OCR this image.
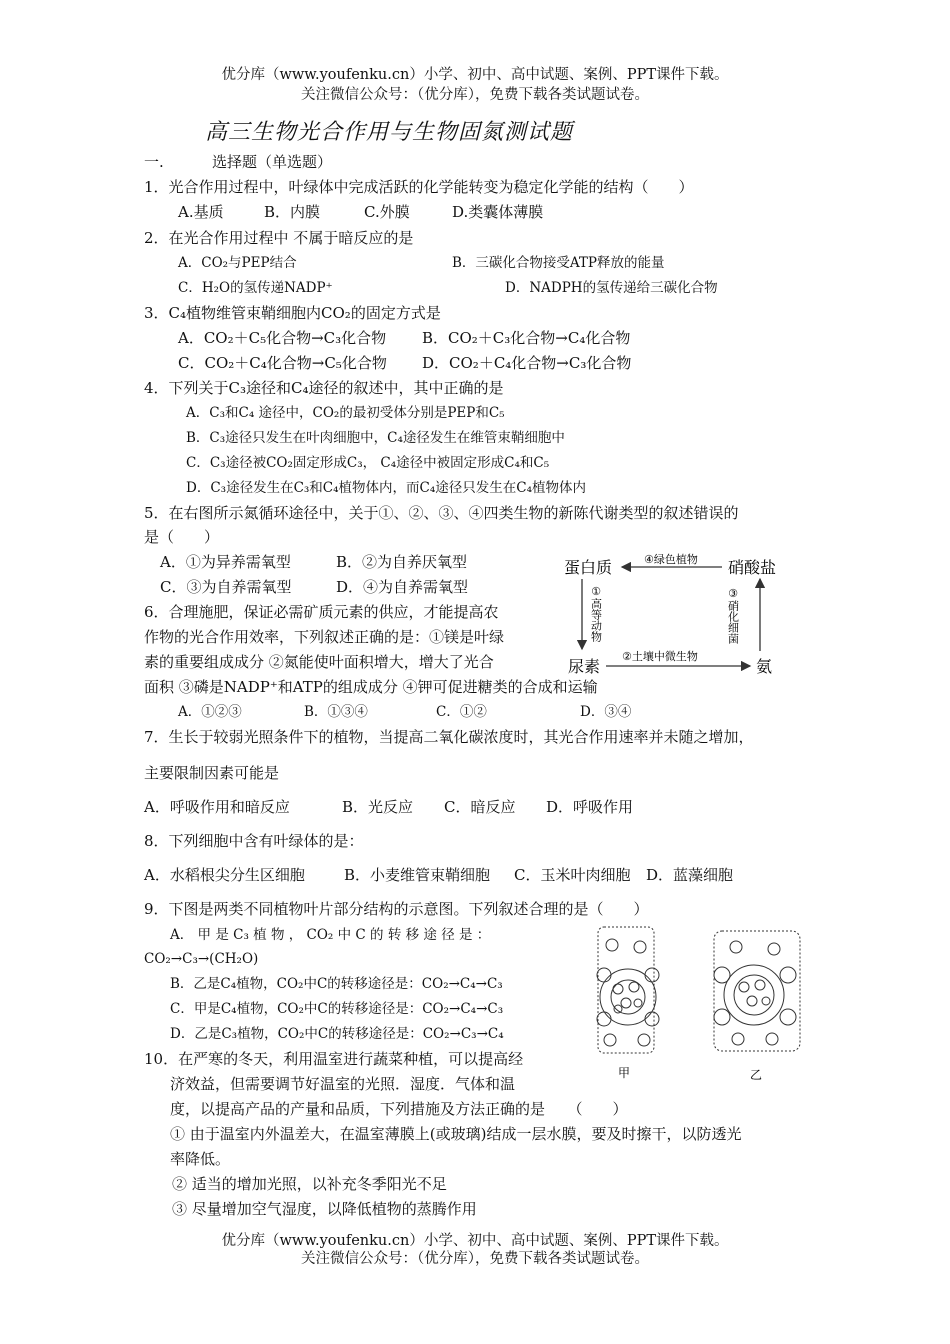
优分库（www.youfenku.cn）小学、初中、高中试题、案例、PPT课件下载。
关注微信公众号：（优分库），免费下载各类试题试卷。
高三生物光合作用与生物固氮测试题
一.	选择题（单选题）
1．光合作用过程中，叶绿体中完成活跃的化学能转变为稳定化学能的结构（　　）
A.基质	B．内膜	C.外膜	D.类囊体薄膜
2．在光合作用过程中 不属于暗反应的是
A．CO₂与PEP结合	B．三碳化合物接受ATP释放的能量
C．H₂O的氢传递NADP⁺	D．NADPH的氢传递给三碳化合物
3．C₄植物维管束鞘细胞内CO₂的固定方式是
A．CO₂＋C₅化合物→C₃化合物 B．CO₂＋C₃化合物→C₄化合物
C．CO₂＋C₄化合物→C₅化合物 D．CO₂＋C₄化合物→C₃化合物
4．下列关于C₃途径和C₄途径的叙述中，其中正确的是
A．C₃和C₄ 途径中，CO₂的最初受体分别是PEP和C₅
B．C₃途径只发生在叶肉细胞中，C₄途径发生在维管束鞘细胞中
C．C₃途径被CO₂固定形成C₃， C₄途径中被固定形成C₄和C₅
D．C₃途径发生在C₃和C₄植物体内，而C₄途径只发生在C₄植物体内
5．在右图所示氮循环途径中，关于①、②、③、④四类生物的新陈代谢类型的叙述错误的
是（　　）
A．①为异养需氧型	B．②为自养厌氧型
C．③为自养需氧型	D．④为自养需氧型
蛋白质	硝酸盐
尿素	氨
④绿色植物
①高等动物
②土壤中微生物
③硝化细菌
6．合理施肥，保证必需矿质元素的供应，才能提高农
作物的光合作用效率，下列叙述正确的是：①镁是叶绿
素的重要组成成分 ②氮能使叶面积增大，增大了光合
面积 ③磷是NADP⁺和ATP的组成成分 ④钾可促进糖类的合成和运输
A．①②③	B．①③④	C．①②	D．③④
7．生长于较弱光照条件下的植物，当提高二氧化碳浓度时，其光合作用速率并未随之增加，
主要限制因素可能是
A．呼吸作用和暗反应	B．光反应 C．暗反应 D．呼吸作用
8．下列细胞中含有叶绿体的是：
A．水稻根尖分生区细胞	B．小麦维管束鞘细胞 C．玉米叶肉细胞 D．蓝藻细胞
9．下图是两类不同植物叶片部分结构的示意图。下列叙述合理的是（　　）
A． 甲 是 C₃ 植 物 ， CO₂ 中 C 的 转 移 途 径 是 ：
CO₂→C₃→(CH₂O)
B．乙是C₄植物，CO₂中C的转移途径是：CO₂→C₄→C₃
C．甲是C₄植物，CO₂中C的转移途径是：CO₂→C₄→C₃
D．乙是C₃植物，CO₂中C的转移途径是：CO₂→C₃→C₄
甲	乙
10．在严寒的冬天，利用温室进行蔬菜种植，可以提高经
济效益，但需要调节好温室的光照．湿度．气体和温
度，以提高产品的产量和品质，下列措施及方法正确的是　　（　　）
① 由于温室内外温差大，在温室薄膜上(或玻璃)结成一层水膜，要及时擦干，以防透光
率降低。
② 适当的增加光照，以补充冬季阳光不足
③ 尽量增加空气湿度，以降低植物的蒸腾作用
优分库（www.youfenku.cn）小学、初中、高中试题、案例、PPT课件下载。
关注微信公众号：（优分库），免费下载各类试题试卷。
